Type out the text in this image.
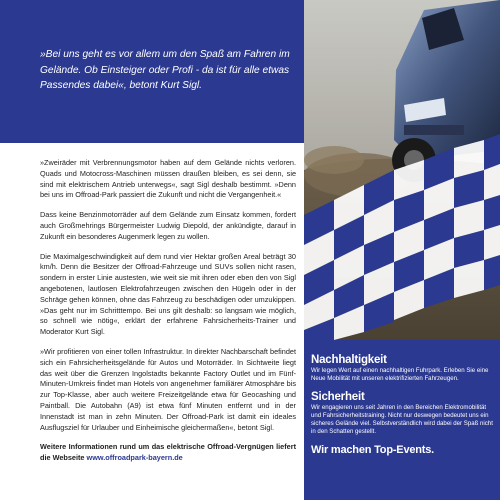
»Bei uns geht es vor allem um den Spaß am Fahren im Gelände. Ob Einsteiger oder Profi - da ist für alle etwas Passendes dabei«, betont Kurt Sigl.

»Zweiräder mit Verbrennungsmotor haben auf dem Gelände nichts verloren. Quads und Motocross-Maschinen müssen draußen bleiben, es sei denn, sie sind mit elektrischem Antrieb unterwegs«, sagt Sigl deshalb bestimmt. »Denn bei uns im Offroad-Park passiert die Zukunft und nicht die Vergangenheit.«

Dass keine Benzinmotorräder auf dem Gelände zum Einsatz kommen, fordert auch Großmehrings Bürgermeister Ludwig Diepold, der ankündigte, darauf in Zukunft ein besonderes Augenmerk legen zu wollen.

Die Maximalgeschwindigkeit auf dem rund vier Hektar großen Areal beträgt 30 km/h. Denn die Besitzer der Offroad-Fahrzeuge und SUVs sollen nicht rasen, sondern in erster Linie austesten, wie weit sie mit ihren oder eben den von Sigl angebotenen, lautlosen Elektrofahrzeugen zwischen den Hügeln oder in der Schräge gehen können, ohne das Fahrzeug zu beschädigen oder umzukippen. »Das geht nur im Schritttempo. Bei uns gilt deshalb: so langsam wie möglich, so schnell wie nötig«, erklärt der erfahrene Fahrsicherheits-Trainer und Moderator Kurt Sigl.

»Wir profitieren von einer tollen Infrastruktur. In direkter Nachbarschaft befindet sich ein Fahrsicherheitsgelände für Autos und Motorräder. In Sichtweite liegt das weit über die Grenzen Ingolstadts bekannte Factory Outlet und im Fünf-Minuten-Umkreis findet man Hotels von angenehmer familiärer Atmosphäre bis zur Top-Klasse, aber auch weitere Freizeitgelände etwa für Geocashing und Paintball. Die Autobahn (A9) ist etwa fünf Minuten entfernt und in der Innenstadt ist man in zehn Minuten. Der Offroad-Park ist damit ein ideales Ausflugsziel für Urlauber und Einheimische gleichermaßen«, betont Sigl.

Weitere Informationen rund um das elektrische Offroad-Vergnügen liefert die Webseite www.offroadpark-bayern.de

Nachhaltigkeit

Wir legen Wert auf einen nachhaltigen Fuhrpark. Erleben Sie eine Neue Mobilität mit unseren elektrifizierten Fahrzeugen.

Sicherheit

Wir engagieren uns seit Jahren in den Bereichen Elektromobilität und Fahrsicherheitstraining. Nicht nur deswegen bedeutet uns ein sicheres Gelände viel. Selbstverständlich wird dabei der Spaß nicht in den Schatten gestellt.

Wir machen Top-Events.
